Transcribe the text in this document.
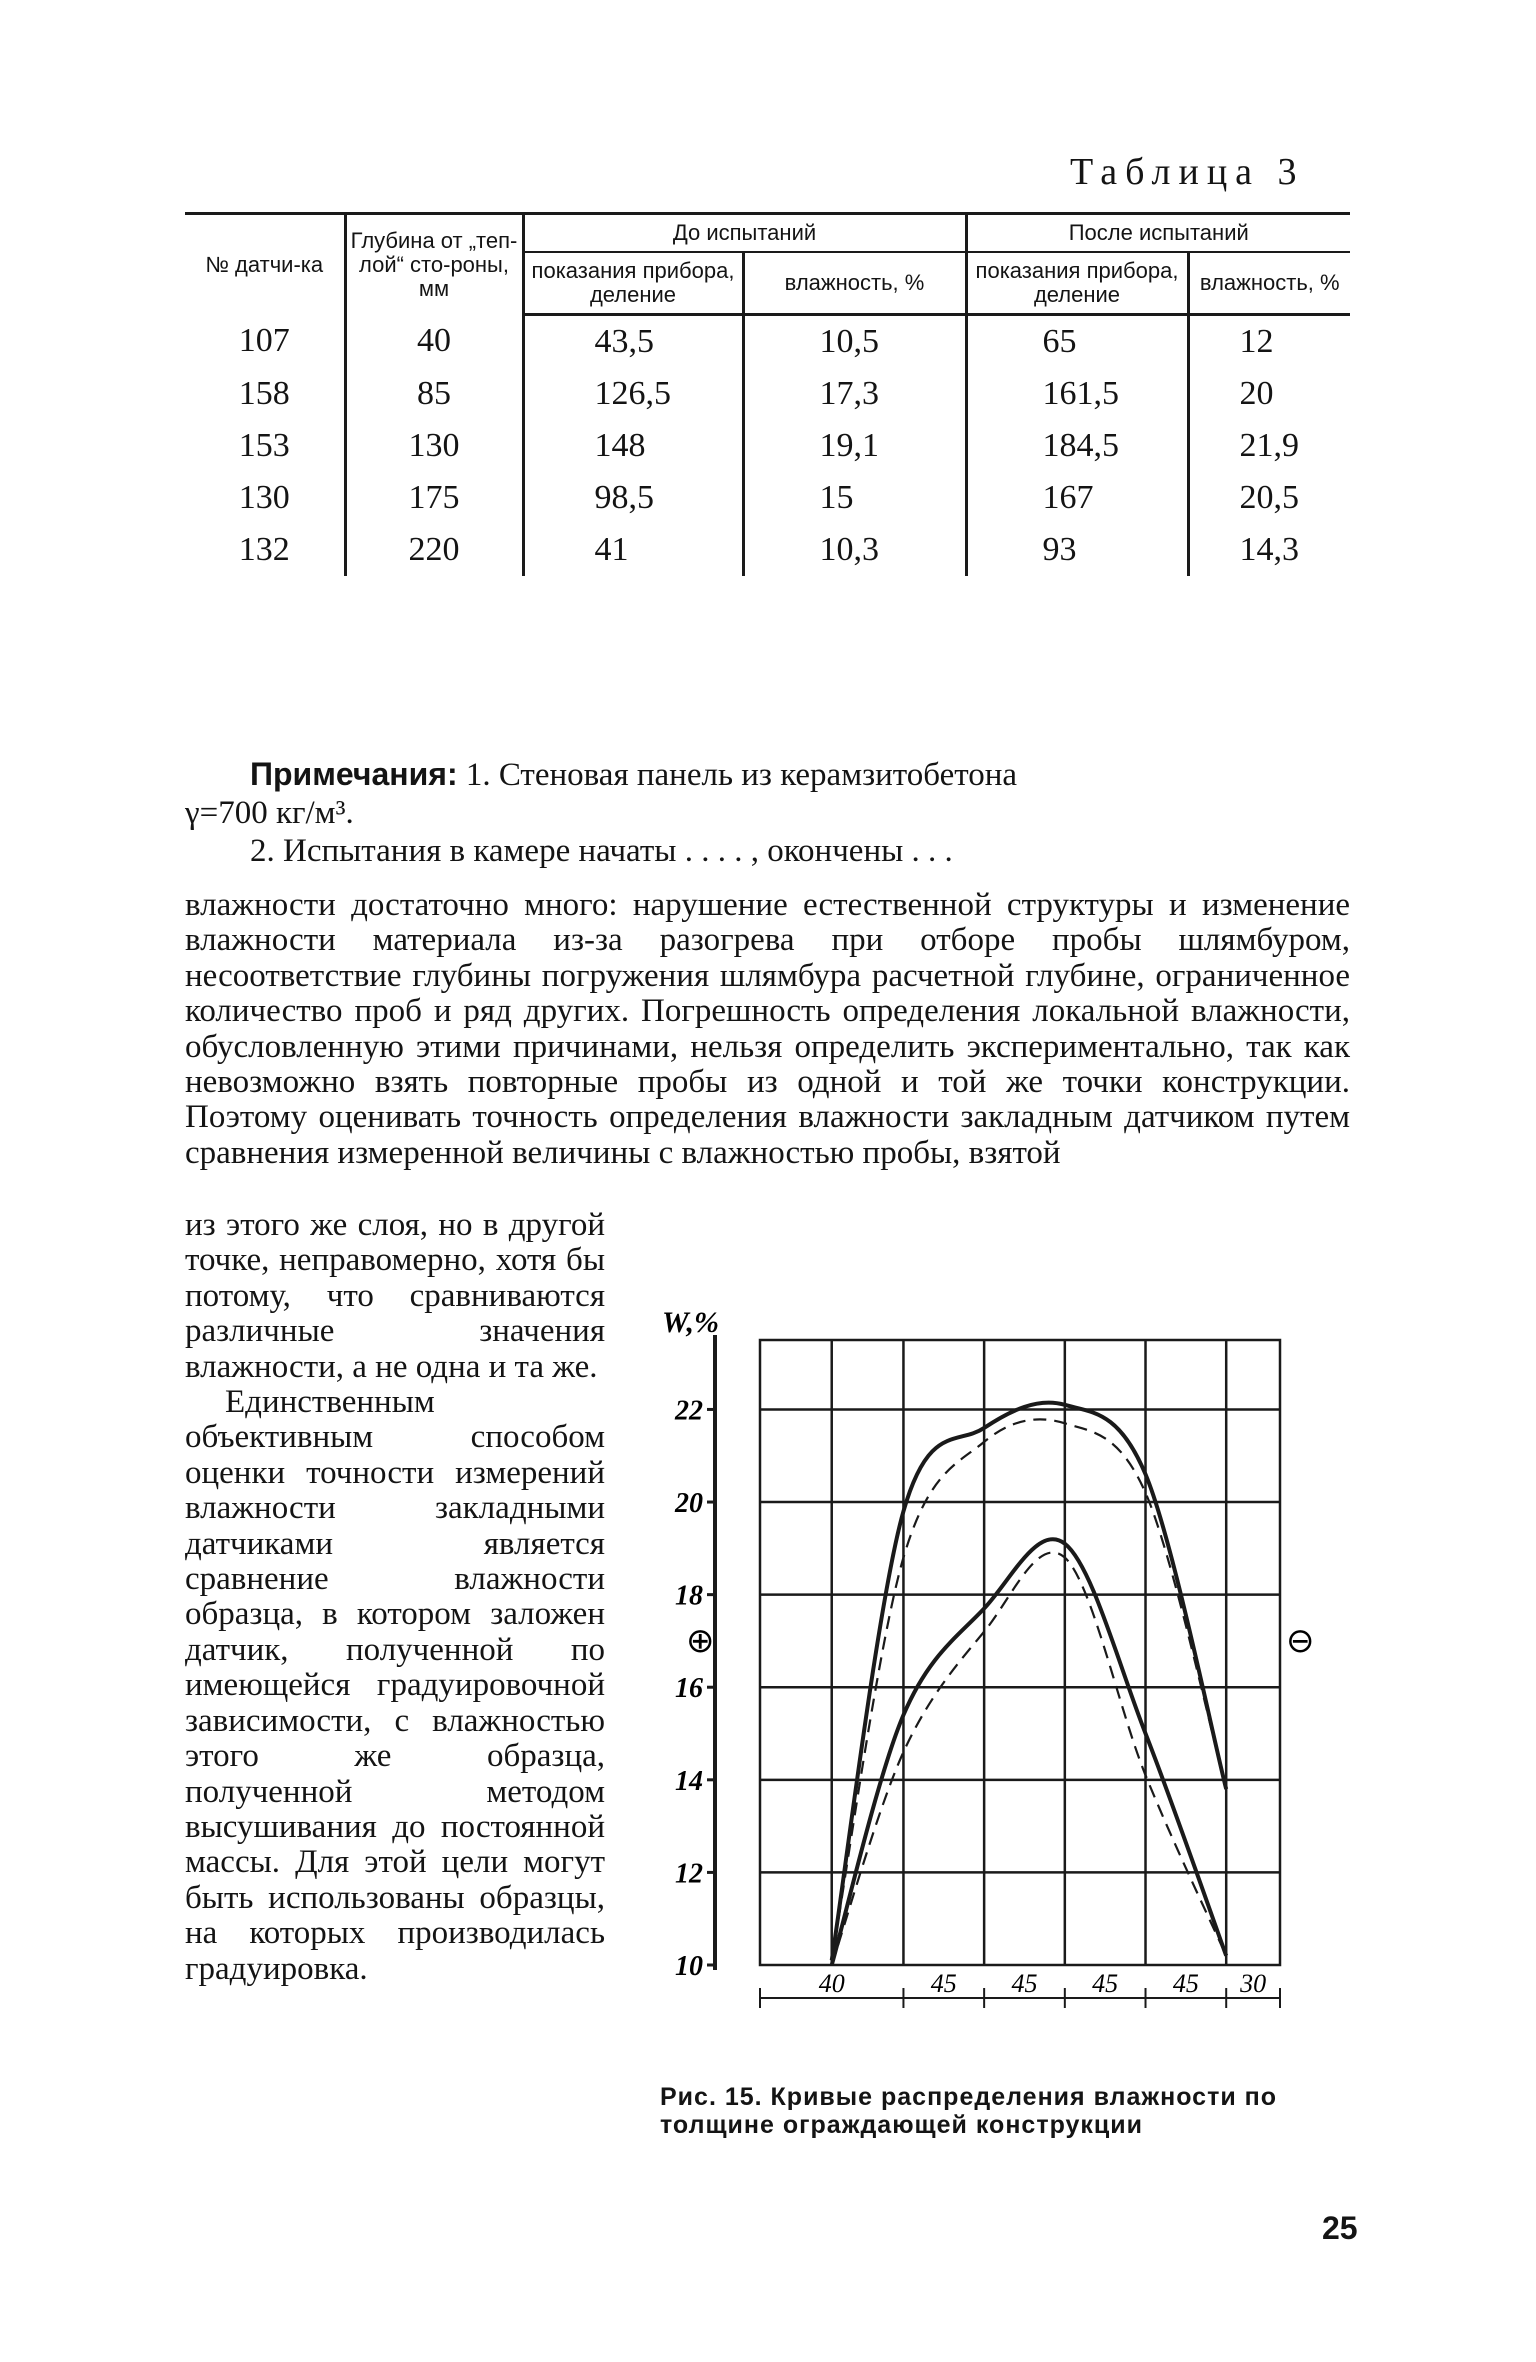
Таблица 3
№ датчи-ка	Глубина от „теп-лой“ сто-роны, мм	До испытаний		После испытаний	
		показания прибора, деление	влажность, %	показания прибора, деление	влажность, %
107	40	43,5	10,5	65	12
158	85	126,5	17,3	161,5	20
153	130	148	19,1	184,5	21,9
130	175	98,5	15	167	20,5
132	220	41	10,3	93	14,3
Примечания: 1. Стеновая панель из керамзитобетона
γ=700 кг/м³.
2. Испытания в камере начаты . . . . , окончены . . .

влажности достаточно много: нарушение естественной структуры и изменение влажности материала из-за разогрева при отборе пробы шлямбуром, несоответствие глубины погружения шлямбура расчетной глубине, ограниченное количество проб и ряд других. Погрешность определения локальной влажности, обусловленную этими причинами, нельзя определить экспериментально, так как невозможно взять повторные пробы из одной и той же точки конструкции. Поэтому оценивать точность определения влажности закладным датчиком путем сравнения измеренной величины с влажностью пробы, взятой

из этого же слоя, но в другой точке, неправомерно, хотя бы потому, что сравниваются различные значения влажности, а не одна и та же.
Единственным объективным способом оценки точности измерений влажности закладными датчиками является сравнение влажности образца, в котором заложен датчик, полученной по имеющейся градуировочной зависимости, с влажностью этого же образца, полученной методом высушивания до постоянной массы. Для этой цели могут быть использованы образцы, на которых производилась градуировка.
W,%
⊕	⊖
22
20
18
16
14
12
10
40	45 45 45 45 30
Рис. 15. Кривые распределения влажности по толщине ограждающей конструкции
25
